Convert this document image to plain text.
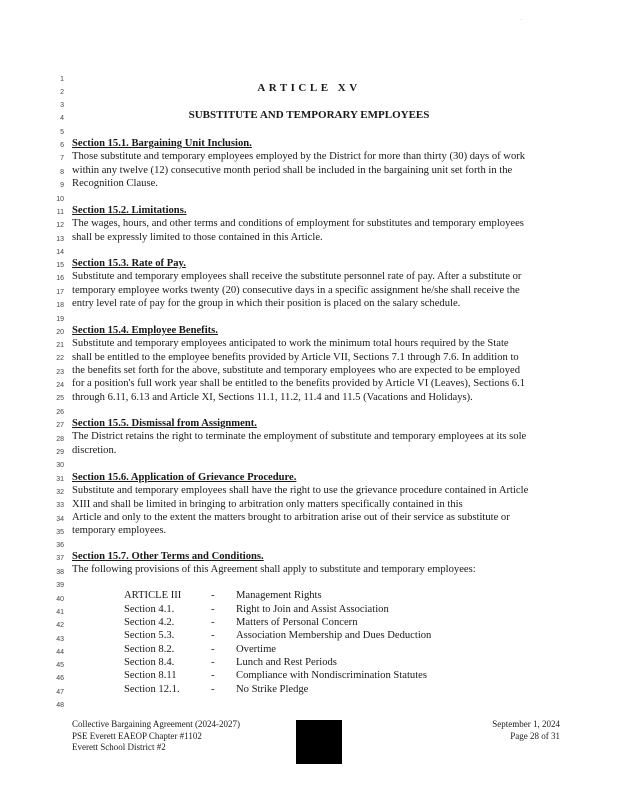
.
1
2
3
4
5
6
7
8
9
10
11
12
13
14
15
16
17
18
19
20
21
22
23
24
25
26
27
28
29
30
31
32
33
34
35
36
37
38
39
40
41
42
43
44
45
46
47
48
ARTICLE XV
SUBSTITUTE AND TEMPORARY EMPLOYEES
Section 15.1. Bargaining Unit Inclusion.
Those substitute and temporary employees employed by the District for more than thirty (30) days of work
within any twelve (12) consecutive month period shall be included in the bargaining unit set forth in the
Recognition Clause.
Section 15.2. Limitations.
The wages, hours, and other terms and conditions of employment for substitutes and temporary employees
shall be expressly limited to those contained in this Article.
Section 15.3. Rate of Pay.
Substitute and temporary employees shall receive the substitute personnel rate of pay. After a substitute or
temporary employee works twenty (20) consecutive days in a specific assignment he/she shall receive the
entry level rate of pay for the group in which their position is placed on the salary schedule.
Section 15.4. Employee Benefits.
Substitute and temporary employees anticipated to work the minimum total hours required by the State
shall be entitled to the employee benefits provided by Article VII, Sections 7.1 through 7.6. In addition to
the benefits set forth for the above, substitute and temporary employees who are expected to be employed
for a position's full work year shall be entitled to the benefits provided by Article VI (Leaves), Sections 6.1
through 6.11, 6.13 and Article XI, Sections 11.1, 11.2, 11.4 and 11.5 (Vacations and Holidays).
Section 15.5. Dismissal from Assignment.
The District retains the right to terminate the employment of substitute and temporary employees at its sole
discretion.
Section 15.6. Application of Grievance Procedure.
Substitute and temporary employees shall have the right to use the grievance procedure contained in Article
XIII and shall be limited in bringing to arbitration only matters specifically contained in this
Article and only to the extent the matters brought to arbitration arise out of their service as substitute or
temporary employees.
Section 15.7. Other Terms and Conditions.
The following provisions of this Agreement shall apply to substitute and temporary employees:
ARTICLE III	- Management Rights
Section 4.1.	- Right to Join and Assist Association
Section 4.2.	- Matters of Personal Concern
Section 5.3.	- Association Membership and Dues Deduction
Section 8.2.	- Overtime
Section 8.4.	- Lunch and Rest Periods
Section 8.11	- Compliance with Nondiscrimination Statutes
Section 12.1.	- No Strike Pledge
Collective Bargaining Agreement (2024-2027)
PSE Everett EAEOP Chapter #1102
Everett School District #2
September 1, 2024
Page 28 of 31
